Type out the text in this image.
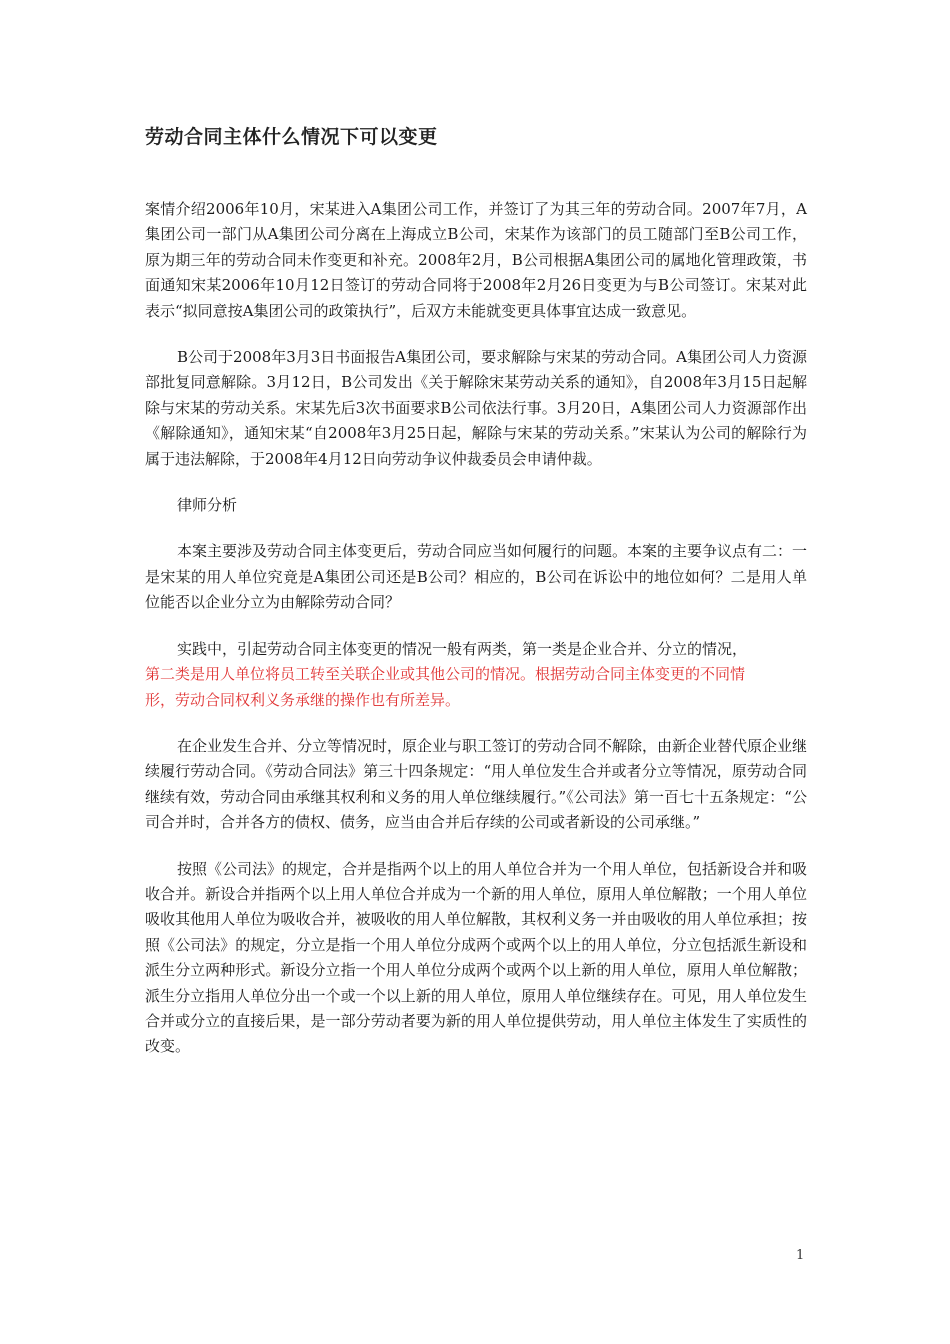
劳动合同主体什么情况下可以变更

案情介绍2006年10月，宋某进入A集团公司工作，并签订了为其三年的劳动合同。2007年7月，A集团公司一部门从A集团公司分离在上海成立B公司，宋某作为该部门的员工随部门至B公司工作，原为期三年的劳动合同未作变更和补充。2008年2月，B公司根据A集团公司的属地化管理政策，书面通知宋某2006年10月12日签订的劳动合同将于2008年2月26日变更为与B公司签订。宋某对此表示“拟同意按A集团公司的政策执行”，后双方未能就变更具体事宜达成一致意见。

B公司于2008年3月3日书面报告A集团公司，要求解除与宋某的劳动合同。A集团公司人力资源部批复同意解除。3月12日，B公司发出《关于解除宋某劳动关系的通知》，自2008年3月15日起解除与宋某的劳动关系。宋某先后3次书面要求B公司依法行事。3月20日，A集团公司人力资源部作出《解除通知》，通知宋某“自2008年3月25日起，解除与宋某的劳动关系。”宋某认为公司的解除行为属于违法解除，于2008年4月12日向劳动争议仲裁委员会申请仲裁。

律师分析

本案主要涉及劳动合同主体变更后，劳动合同应当如何履行的问题。本案的主要争议点有二：一是宋某的用人单位究竟是A集团公司还是B公司？相应的，B公司在诉讼中的地位如何？二是用人单位能否以企业分立为由解除劳动合同？

实践中，引起劳动合同主体变更的情况一般有两类，第一类是企业合并、分立的情况，

第二类是用人单位将员工转至关联企业或其他公司的情况。根据劳动合同主体变更的不同情
形，劳动合同权利义务承继的操作也有所差异。

在企业发生合并、分立等情况时，原企业与职工签订的劳动合同不解除，由新企业替代原企业继续履行劳动合同。《劳动合同法》第三十四条规定：“用人单位发生合并或者分立等情况，原劳动合同继续有效，劳动合同由承继其权利和义务的用人单位继续履行。”《公司法》第一百七十五条规定：“公司合并时，合并各方的债权、债务，应当由合并后存续的公司或者新设的公司承继。”

按照《公司法》的规定，合并是指两个以上的用人单位合并为一个用人单位，包括新设合并和吸收合并。新设合并指两个以上用人单位合并成为一个新的用人单位，原用人单位解散；一个用人单位吸收其他用人单位为吸收合并，被吸收的用人单位解散，其权利义务一并由吸收的用人单位承担；按照《公司法》的规定，分立是指一个用人单位分成两个或两个以上的用人单位，分立包括派生新设和派生分立两种形式。新设分立指一个用人单位分成两个或两个以上新的用人单位，原用人单位解散；派生分立指用人单位分出一个或一个以上新的用人单位，原用人单位继续存在。可见，用人单位发生合并或分立的直接后果，是一部分劳动者要为新的用人单位提供劳动，用人单位主体发生了实质性的改变。

1
